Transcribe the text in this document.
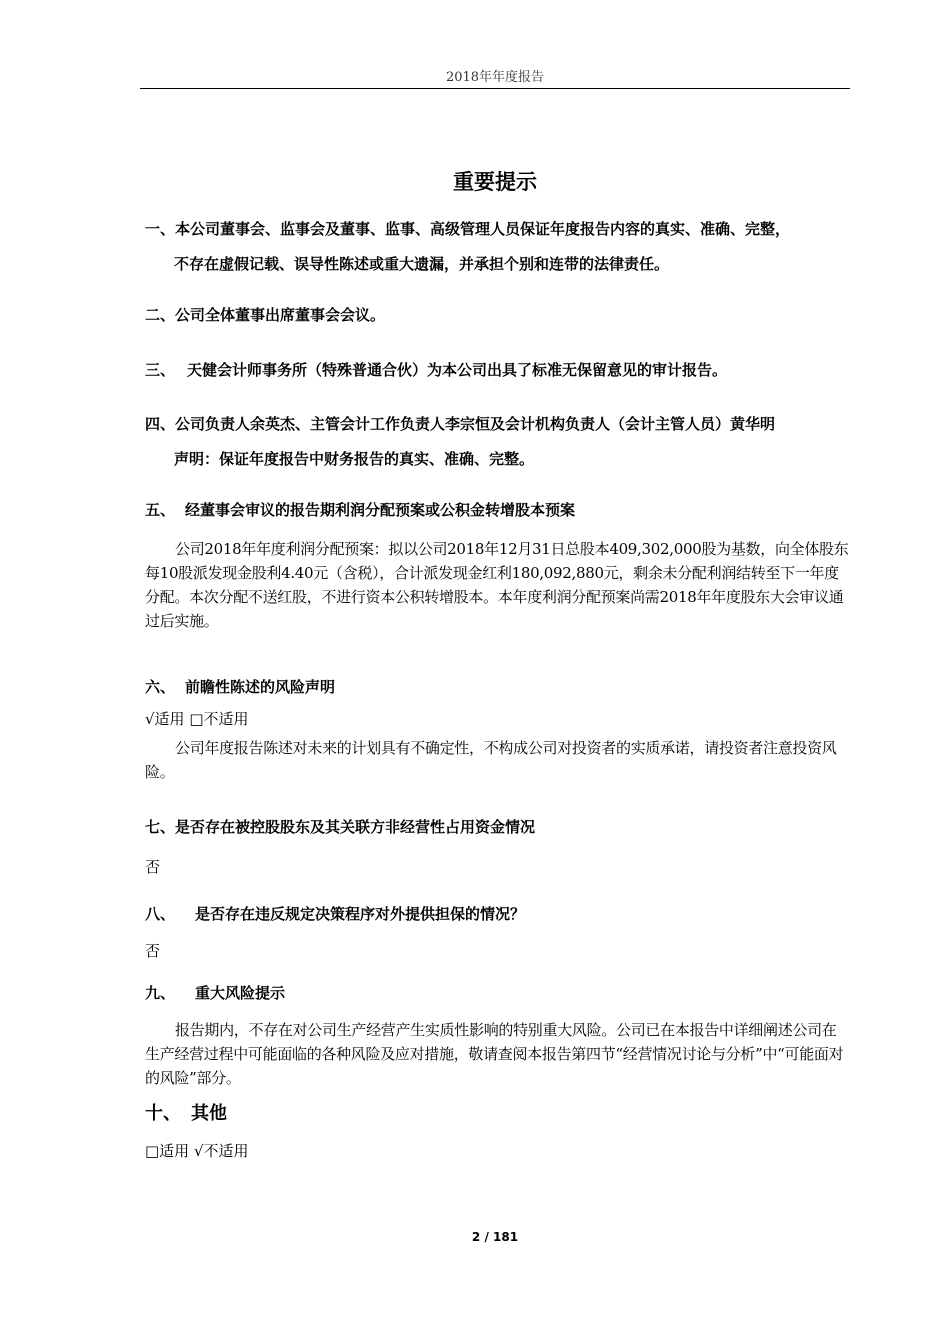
2018年年度报告
重要提示
一、本公司董事会、监事会及董事、监事、高级管理人员保证年度报告内容的真实、准确、完整，
不存在虚假记载、误导性陈述或重大遗漏，并承担个别和连带的法律责任。
二、公司全体董事出席董事会会议。
三、 天健会计师事务所（特殊普通合伙）为本公司出具了标准无保留意见的审计报告。
四、公司负责人余英杰、主管会计工作负责人李宗恒及会计机构负责人（会计主管人员）黄华明
声明：保证年度报告中财务报告的真实、准确、完整。
五、 经董事会审议的报告期利润分配预案或公积金转增股本预案
公司2018年年度利润分配预案：拟以公司2018年12月31日总股本409,302,000股为基数，向全体股东每10股派发现金股利4.40元（含税），合计派发现金红利180,092,880元，剩余未分配利润结转至下一年度分配。本次分配不送红股，不进行资本公积转增股本。本年度利润分配预案尚需2018年年度股东大会审议通过后实施。
六、 前瞻性陈述的风险声明
√适用 □不适用
公司年度报告陈述对未来的计划具有不确定性，不构成公司对投资者的实质承诺，请投资者注意投资风险。
七、是否存在被控股股东及其关联方非经营性占用资金情况
否
八、 是否存在违反规定决策程序对外提供担保的情况？
否
九、 重大风险提示
报告期内，不存在对公司生产经营产生实质性影响的特别重大风险。公司已在本报告中详细阐述公司在生产经营过程中可能面临的各种风险及应对措施，敬请查阅本报告第四节“经营情况讨论与分析”中“可能面对的风险”部分。
十、 其他
□适用 √不适用
2 / 181
